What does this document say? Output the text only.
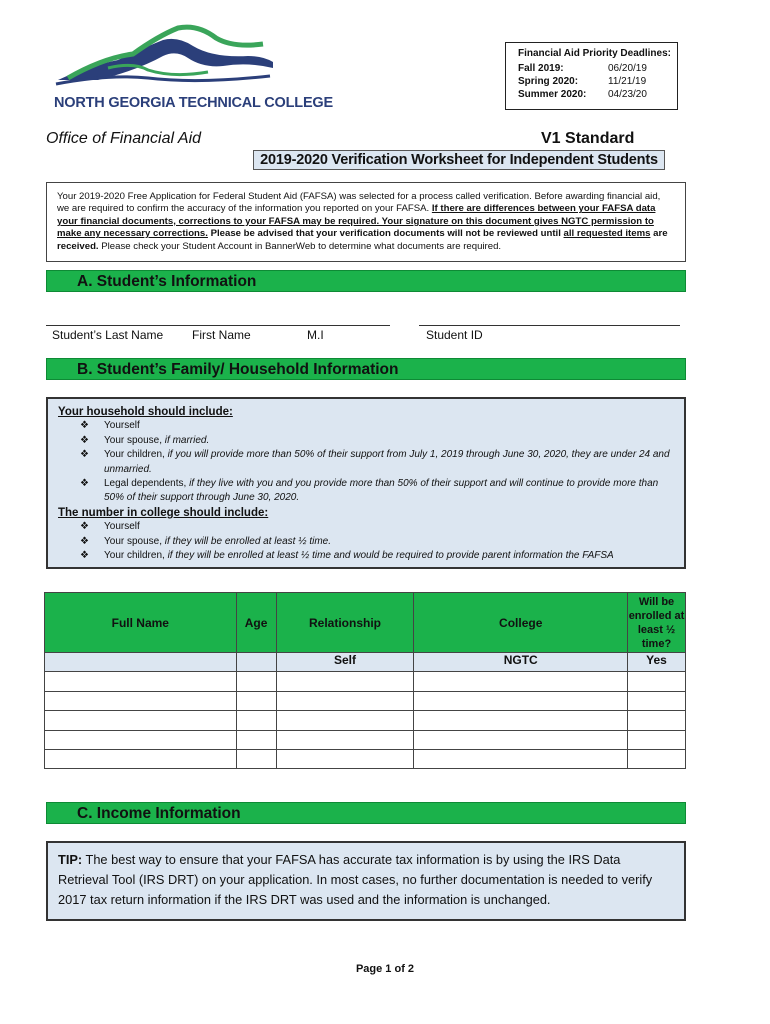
NORTH GEORGIA TECHNICAL COLLEGE
Financial Aid Priority Deadlines:
Fall 2019:	06/20/19
Spring 2020:	11/21/19
Summer 2020:	04/23/20
Office of Financial Aid	V1 Standard
2019-2020 Verification Worksheet for Independent Students
Your 2019-2020 Free Application for Federal Student Aid (FAFSA) was selected for a process called verification. Before awarding financial aid, we are required to confirm the accuracy of the information you reported on your FAFSA. If there are differences between your FAFSA data your financial documents, corrections to your FAFSA may be required. Your signature on this document gives NGTC permission to make any necessary corrections. Please be advised that your verification documents will not be reviewed until all requested items are received. Please check your Student Account in BannerWeb to determine what documents are required.
A. Student’s Information
Student’s Last Name First Name	M.I	Student ID
B. Student’s Family/ Household Information
Your household should include:
❖ Yourself
❖ Your spouse, if married.
❖ Your children, if you will provide more than 50% of their support from July 1, 2019 through June 30, 2020, they are under 24 and unmarried.
❖ Legal dependents, if they live with you and you provide more than 50% of their support and will continue to provide more than 50% of their support through June 30, 2020.
The number in college should include:
❖ Yourself
❖ Your spouse, if they will be enrolled at least ½ time.
❖ Your children, if they will be enrolled at least ½ time and would be required to provide parent information the FAFSA
Full Name	Age	Relationship	College	Will be enrolled at least ½ time?
		Self	NGTC	Yes

C. Income Information
TIP: The best way to ensure that your FAFSA has accurate tax information is by using the IRS Data Retrieval Tool (IRS DRT) on your application. In most cases, no further documentation is needed to verify 2017 tax return information if the IRS DRT was used and the information is unchanged.
Page 1 of 2
